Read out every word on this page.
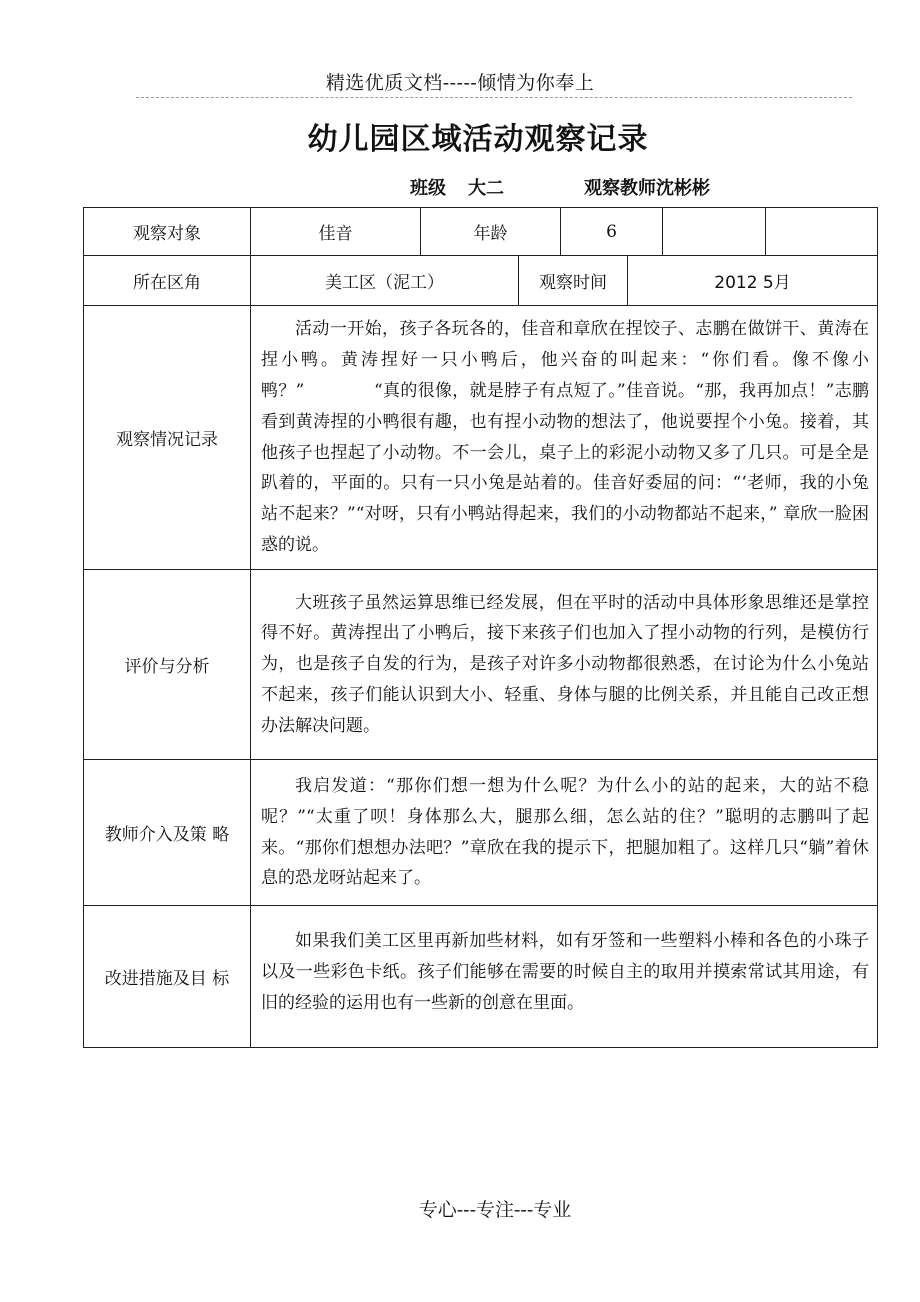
精选优质文档-----倾情为你奉上
幼儿园区域活动观察记录
班级 大二	观察教师沈彬彬
观察对象	佳音	年龄		6			
所在区角	美工区（泥工）		观察时间		2012 5月		
观察情况记录	活动一开始，孩子各玩各的，佳音和章欣在捏饺子、志鹏在做饼干、黄涛在捏小鸭。黄涛捏好一只小鸭后，他兴奋的叫起来：“你们看。像不像小鸭？”　　　　“真的很像，就是脖子有点短了。”佳音说。“那，我再加点！”志鹏看到黄涛捏的小鸭很有趣，也有捏小动物的想法了，他说要捏个小兔。接着，其他孩子也捏起了小动物。不一会儿，桌子上的彩泥小动物又多了几只。可是全是趴着的，平面的。只有一只小兔是站着的。佳音好委屈的问：“‘老师，我的小兔站不起来？”“对呀，只有小鸭站得起来，我们的小动物都站不起来，” 章欣一脸困惑的说。						

评价与分析	大班孩子虽然运算思维已经发展，但在平时的活动中具体形象思维还是掌控得不好。黄涛捏出了小鸭后，接下来孩子们也加入了捏小动物的行列，是模仿行为，也是孩子自发的行为，是孩子对许多小动物都很熟悉，在讨论为什么小兔站不起来，孩子们能认识到大小、轻重、身体与腿的比例关系，并且能自己改正想办法解决问题。						

教师介入及策 略	我启发道：“那你们想一想为什么呢？为什么小的站的起来，大的站不稳呢？”“太重了呗！身体那么大，腿那么细，怎么站的住？”聪明的志鹏叫了起来。“那你们想想办法吧？”章欣在我的提示下，把腿加粗了。这样几只“躺”着休息的恐龙呀站起来了。						

改进措施及目 标	如果我们美工区里再新加些材料，如有牙签和一些塑料小棒和各色的小珠子以及一些彩色卡纸。孩子们能够在需要的时候自主的取用并摸索常试其用途，有旧的经验的运用也有一些新的创意在里面。						
专心---专注---专业
